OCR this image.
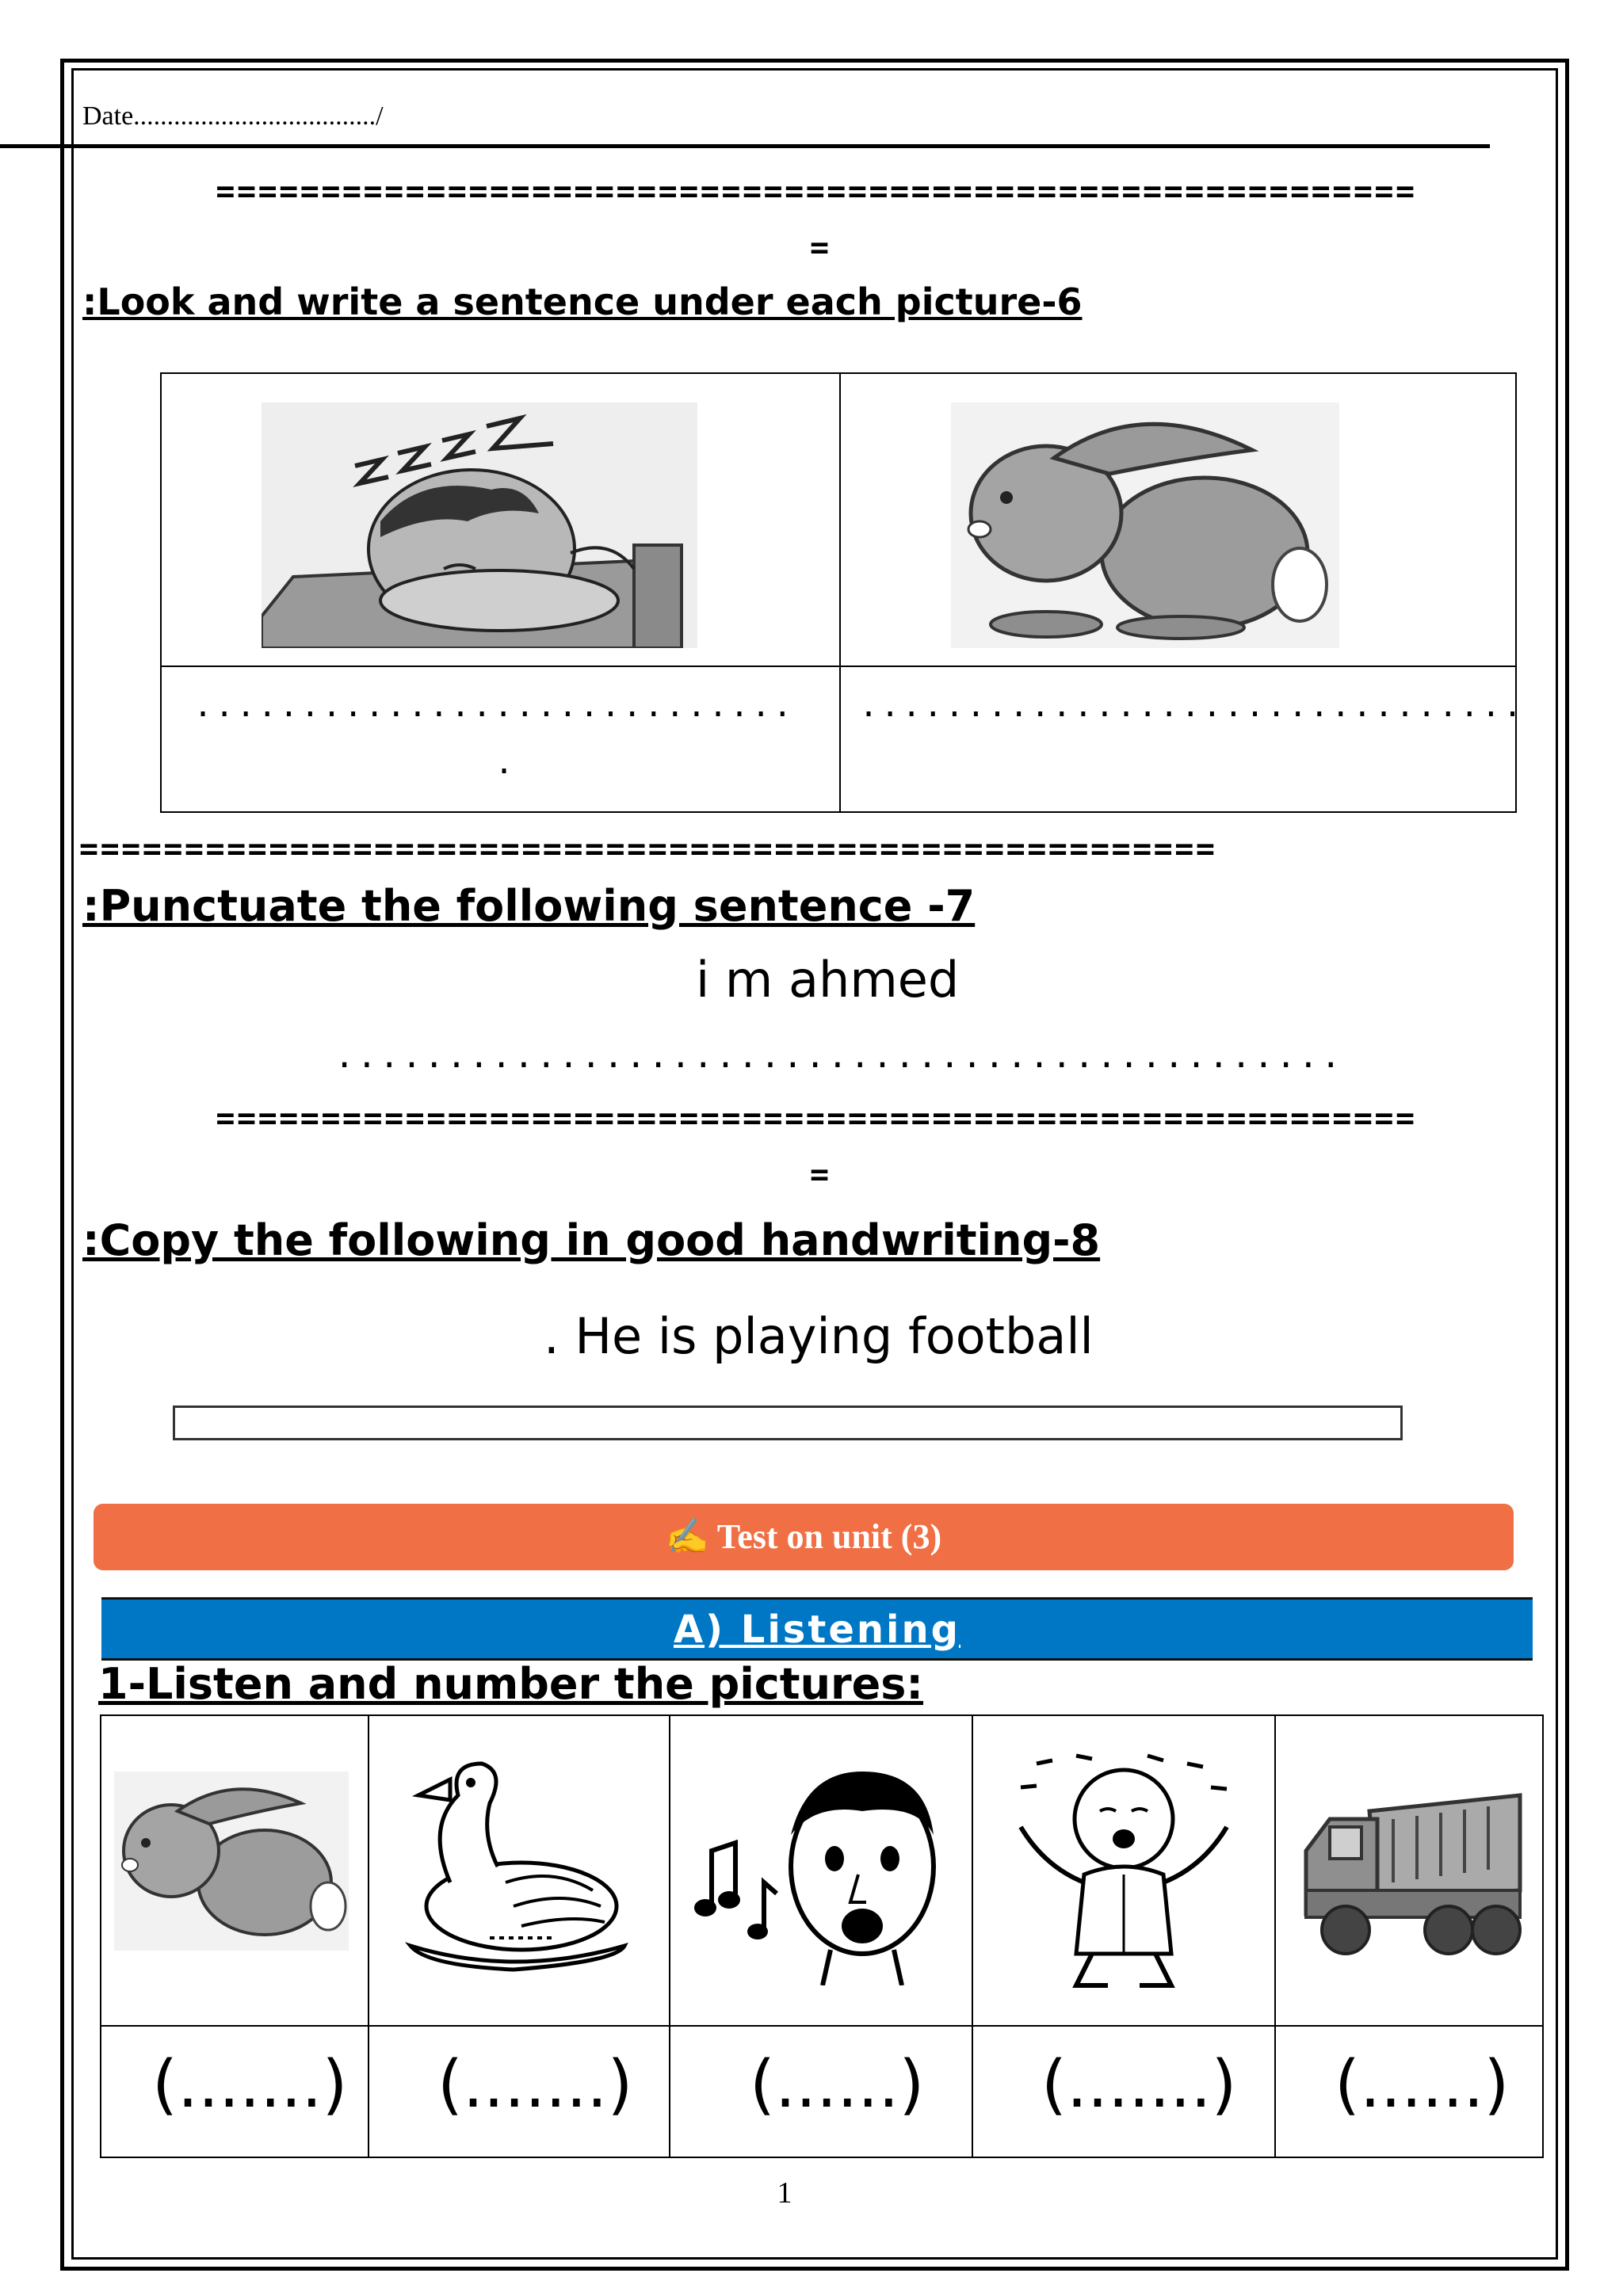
Date..................................../
=========================================================
=
:Look and write a sentence under each picture-6
............................
.
...............................
======================================================
:Punctuate the following sentence -7
i m ahmed
.............................................
=========================================================
=
:Copy the following in good handwriting-8
. He is playing football
✍ Test on unit (3)
A) Listening
1-Listen and number the pictures:
(.......) (.......) (......) (.......) (......)
1
